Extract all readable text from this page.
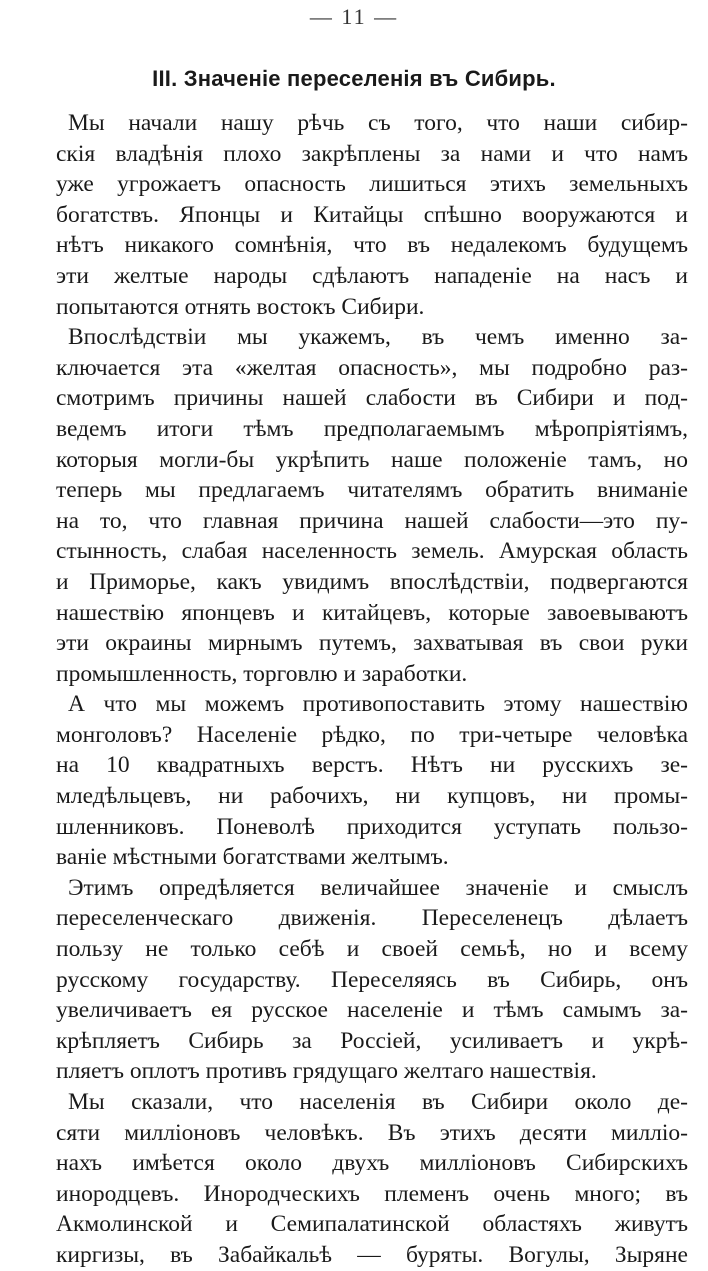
— 11 —
III. Значеніе переселенія въ Сибирь.
Мы начали нашу рѣчь съ того, что наши сибир-
скія владѣнія плохо закрѣплены за нами и что намъ
уже угрожаетъ опасность лишиться этихъ земельныхъ
богатствъ. Японцы и Китайцы спѣшно вооружаются и
нѣтъ никакого сомнѣнія, что въ недалекомъ будущемъ
эти желтые народы сдѣлаютъ нападеніе на насъ и
попытаются отнять востокъ Сибири.
Впослѣдствіи мы укажемъ, въ чемъ именно за-
ключается эта «желтая опасность», мы подробно раз-
смотримъ причины нашей слабости въ Сибири и под-
ведемъ итоги тѣмъ предполагаемымъ мѣропріятіямъ,
которыя могли-бы укрѣпить наше положеніе тамъ, но
теперь мы предлагаемъ читателямъ обратить вниманіе
на то, что главная причина нашей слабости—это пу-
стынность, слабая населенность земель. Амурская область
и Приморье, какъ увидимъ впослѣдствіи, подвергаются
нашествію японцевъ и китайцевъ, которые завоевываютъ
эти окраины мирнымъ путемъ, захватывая въ свои руки
промышленность, торговлю и заработки.
А что мы можемъ противопоставить этому нашествію
монголовъ? Населеніе рѣдко, по три-четыре человѣка
на 10 квадратныхъ верстъ. Нѣтъ ни русскихъ зе-
мледѣльцевъ, ни рабочихъ, ни купцовъ, ни промы-
шленниковъ. Поневолѣ приходится уступать пользо-
ваніе мѣстными богатствами желтымъ.
Этимъ опредѣляется величайшее значеніе и смыслъ
переселенческаго движенія. Переселенецъ дѣлаетъ
пользу не только себѣ и своей семьѣ, но и всему
русскому государству. Переселяясь въ Сибирь, онъ
увеличиваетъ ея русское населеніе и тѣмъ самымъ за-
крѣпляетъ Сибирь за Россіей, усиливаетъ и укрѣ-
пляетъ оплотъ противъ грядущаго желтаго нашествія.
Мы сказали, что населенія въ Сибири около де-
сяти милліоновъ человѣкъ. Въ этихъ десяти милліо-
нахъ имѣется около двухъ милліоновъ Сибирскихъ
инородцевъ. Инородческихъ племенъ очень много; въ
Акмолинской и Семипалатинской областяхъ живутъ
киргизы, въ Забайкальѣ — буряты. Вогулы, Зыряне
